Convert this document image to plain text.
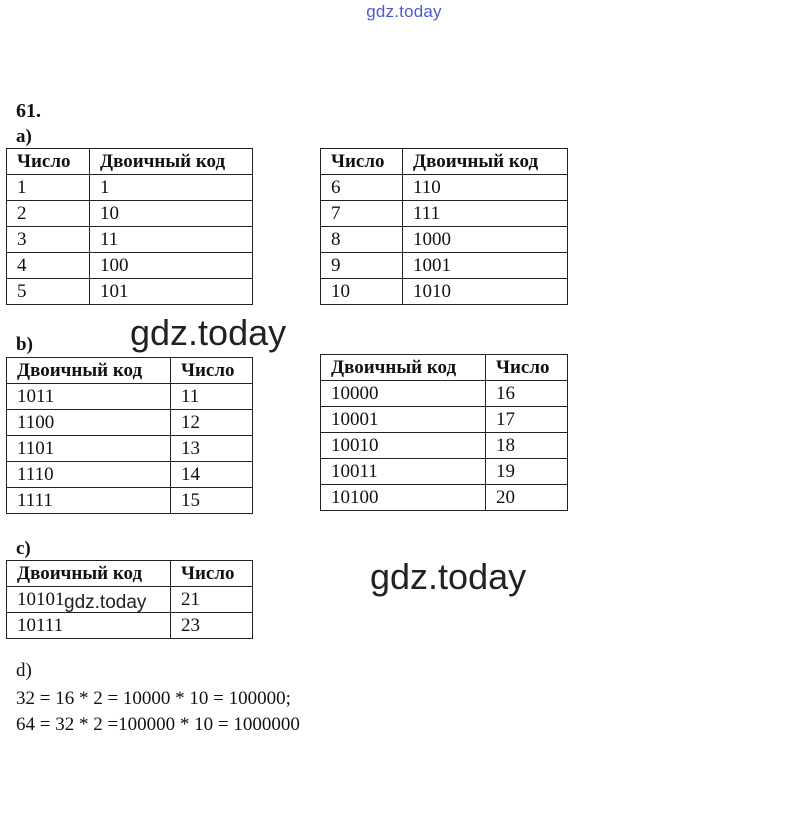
gdz.today
61.
a)
Число	Двоичный код
1	1
2	10
3	11
4	100
5	101
Число	Двоичный код
6	110
7	111
8	1000
9	1001
10	1010
gdz.today
b)
Двоичный код	Число
1011	11
1100	12
1101	13
1110	14
1111	15
Двоичный код	Число
10000	16
10001	17
10010	18
10011	19
10100	20
c)
Двоичный код	Число
10101	21
10111	23
gdz.today
gdz.today
d)
32 = 16 * 2 = 10000 * 10 = 100000;
64 = 32 * 2 =100000 * 10 = 1000000
